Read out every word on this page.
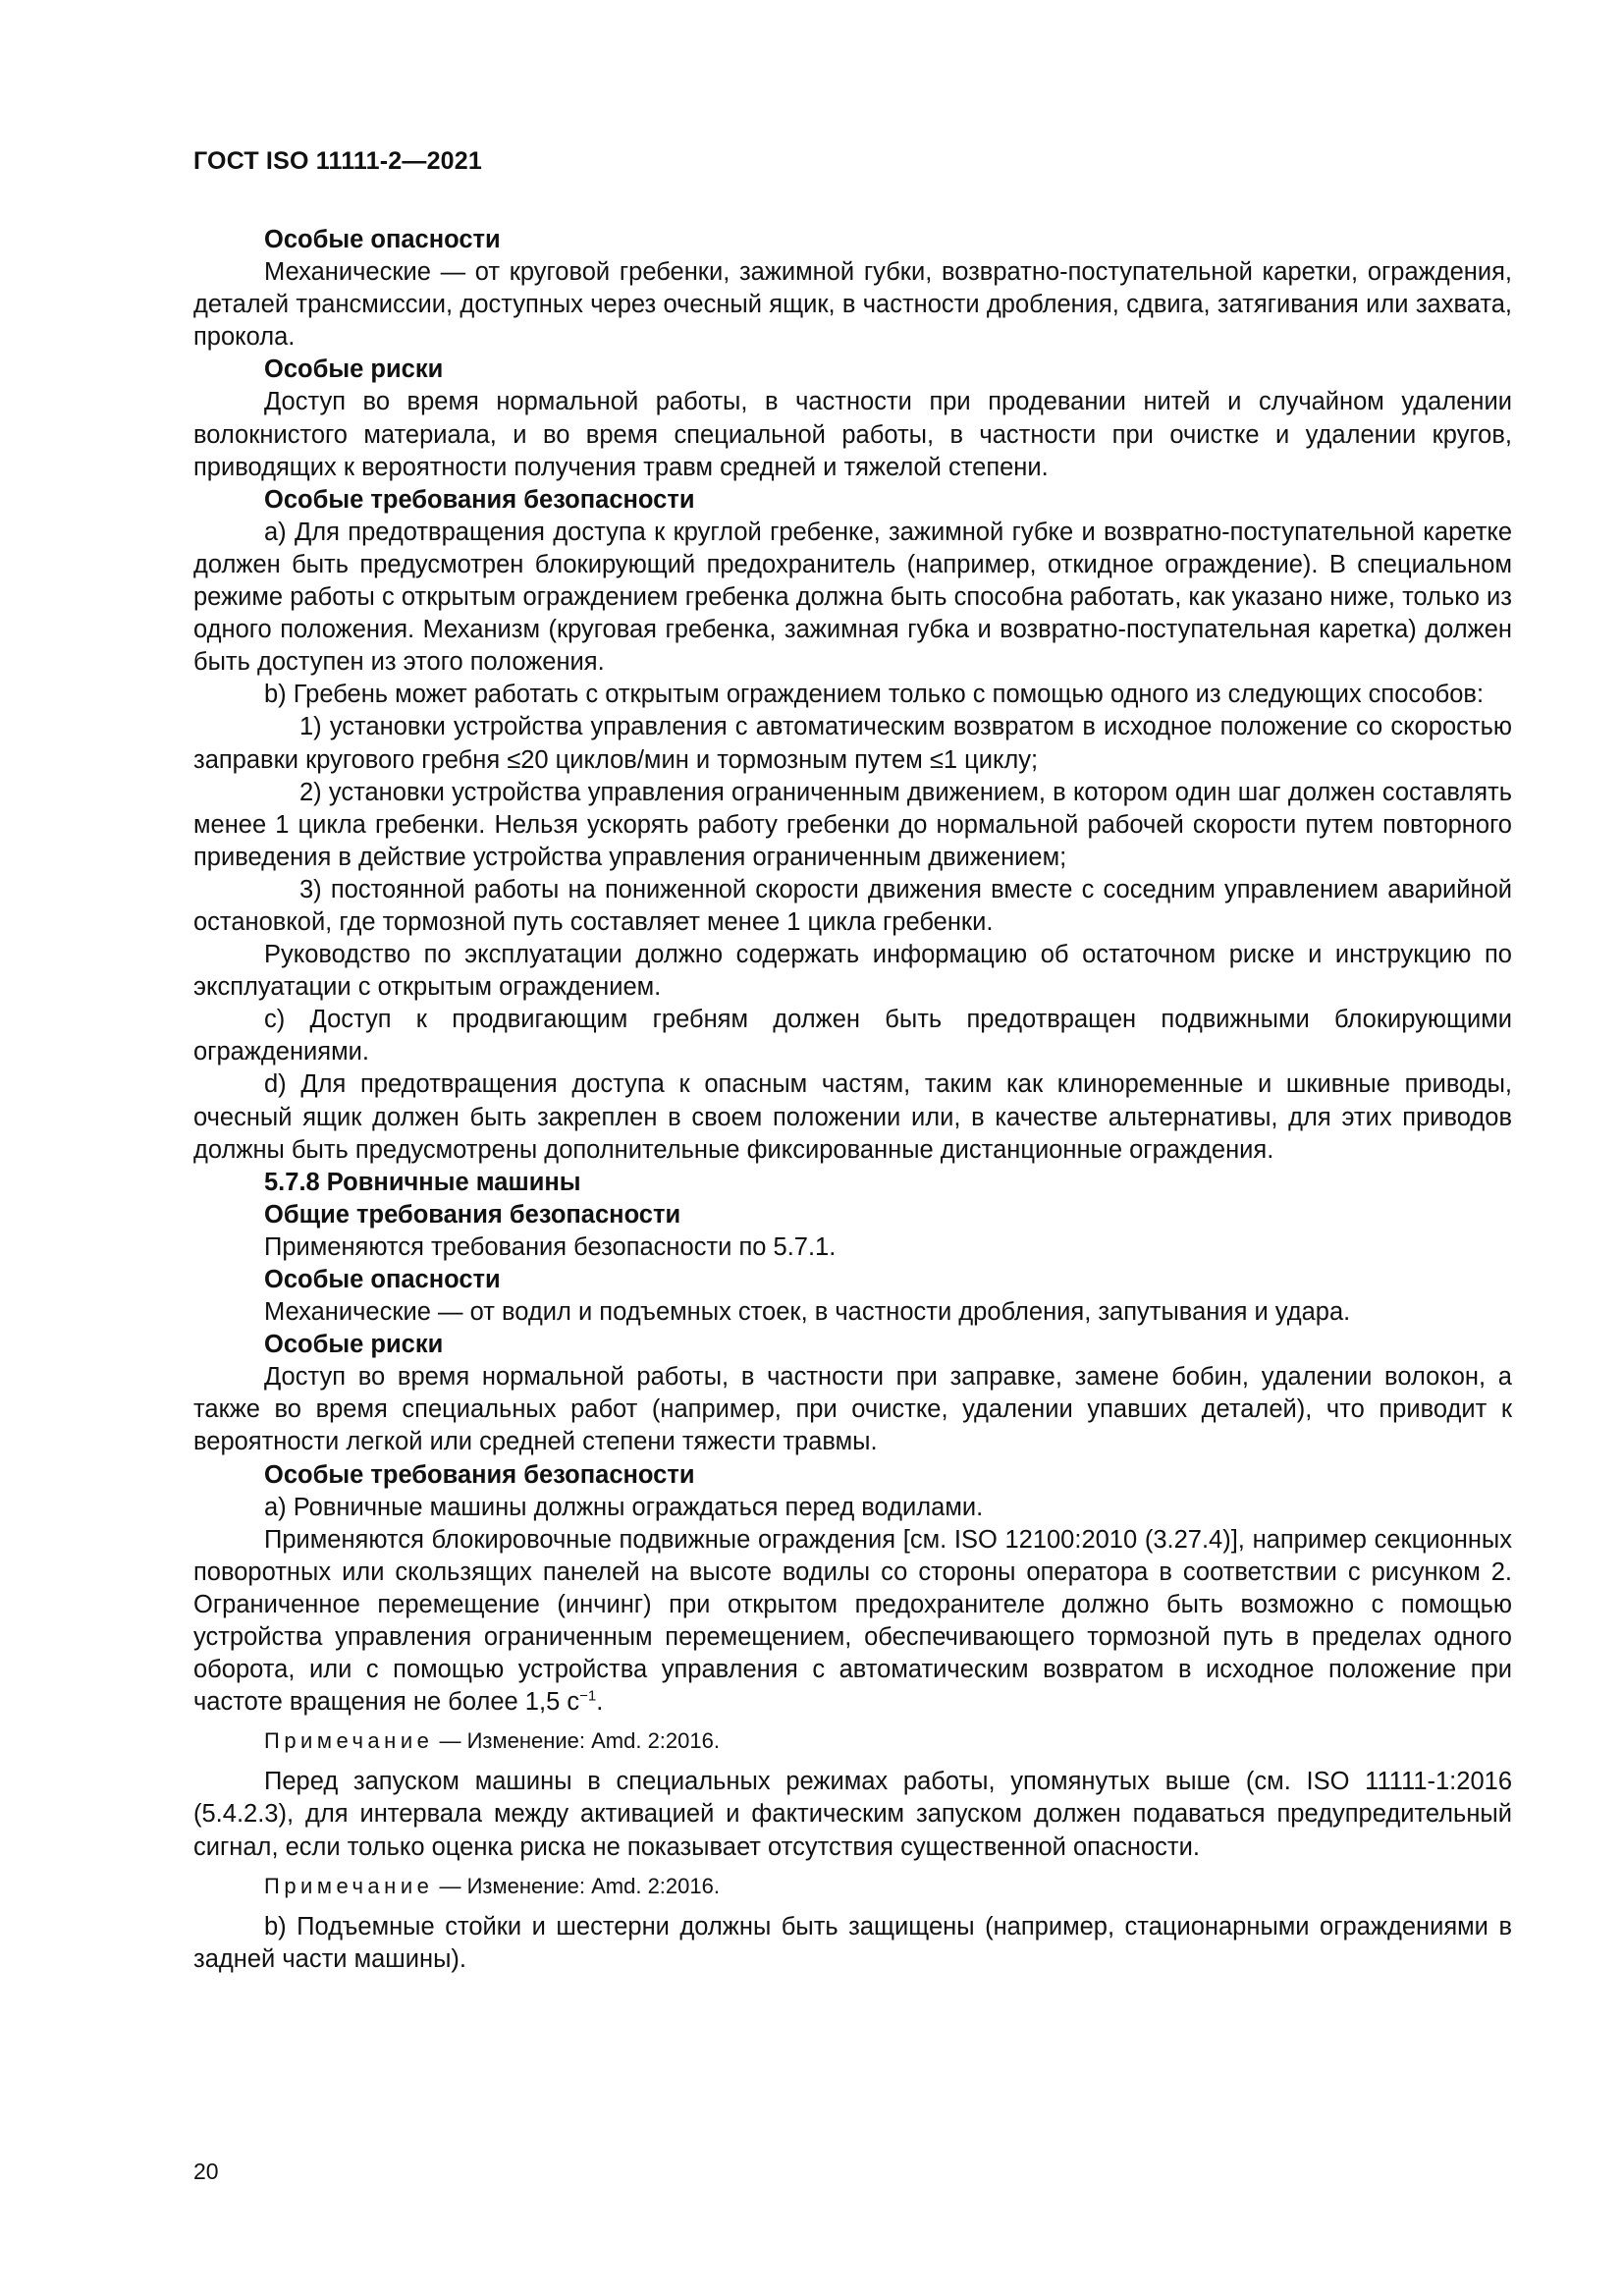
ГОСТ ISO 11111-2—2021

Особые опасности

Механические — от круговой гребенки, зажимной губки, возвратно-поступательной каретки, ограждения, деталей трансмиссии, доступных через очесный ящик, в частности дробления, сдвига, затягивания или захвата, прокола.

Особые риски

Доступ во время нормальной работы, в частности при продевании нитей и случайном удалении волокнистого материала, и во время специальной работы, в частности при очистке и удалении кругов, приводящих к вероятности получения травм средней и тяжелой степени.

Особые требования безопасности

a) Для предотвращения доступа к круглой гребенке, зажимной губке и возвратно-поступательной каретке должен быть предусмотрен блокирующий предохранитель (например, откидное ограждение). В специальном режиме работы с открытым ограждением гребенка должна быть способна работать, как указано ниже, только из одного положения. Механизм (круговая гребенка, зажимная губка и возвратно-поступательная каретка) должен быть доступен из этого положения.

b) Гребень может работать с открытым ограждением только с помощью одного из следующих способов:

1) установки устройства управления с автоматическим возвратом в исходное положение со скоростью заправки кругового гребня ≤20 циклов/мин и тормозным путем ≤1 циклу;

2) установки устройства управления ограниченным движением, в котором один шаг должен составлять менее 1 цикла гребенки. Нельзя ускорять работу гребенки до нормальной рабочей скорости путем повторного приведения в действие устройства управления ограниченным движением;

3) постоянной работы на пониженной скорости движения вместе с соседним управлением аварийной остановкой, где тормозной путь составляет менее 1 цикла гребенки.

Руководство по эксплуатации должно содержать информацию об остаточном риске и инструкцию по эксплуатации с открытым ограждением.

c) Доступ к продвигающим гребням должен быть предотвращен подвижными блокирующими ограждениями.

d) Для предотвращения доступа к опасным частям, таким как клиноременные и шкивные приводы, очесный ящик должен быть закреплен в своем положении или, в качестве альтернативы, для этих приводов должны быть предусмотрены дополнительные фиксированные дистанционные ограждения.

5.7.8 Ровничные машины

Общие требования безопасности

Применяются требования безопасности по 5.7.1.

Особые опасности

Механические — от водил и подъемных стоек, в частности дробления, запутывания и удара.

Особые риски

Доступ во время нормальной работы, в частности при заправке, замене бобин, удалении волокон, а также во время специальных работ (например, при очистке, удалении упавших деталей), что приводит к вероятности легкой или средней степени тяжести травмы.

Особые требования безопасности

a) Ровничные машины должны ограждаться перед водилами.

Применяются блокировочные подвижные ограждения [см. ISO 12100:2010 (3.27.4)], например секционных поворотных или скользящих панелей на высоте водилы со стороны оператора в соответствии с рисунком 2. Ограниченное перемещение (инчинг) при открытом предохранителе должно быть возможно с помощью устройства управления ограниченным перемещением, обеспечивающего тормозной путь в пределах одного оборота, или с помощью устройства управления с автоматическим возвратом в исходное положение при частоте вращения не более 1,5 $с^{-1}$.

Примечание — Изменение: Amd. 2:2016.

Перед запуском машины в специальных режимах работы, упомянутых выше (см. ISO 11111-1:2016 (5.4.2.3), для интервала между активацией и фактическим запуском должен подаваться предупредительный сигнал, если только оценка риска не показывает отсутствия существенной опасности.

Примечание — Изменение: Amd. 2:2016.

b) Подъемные стойки и шестерни должны быть защищены (например, стационарными ограждениями в задней части машины).

20
